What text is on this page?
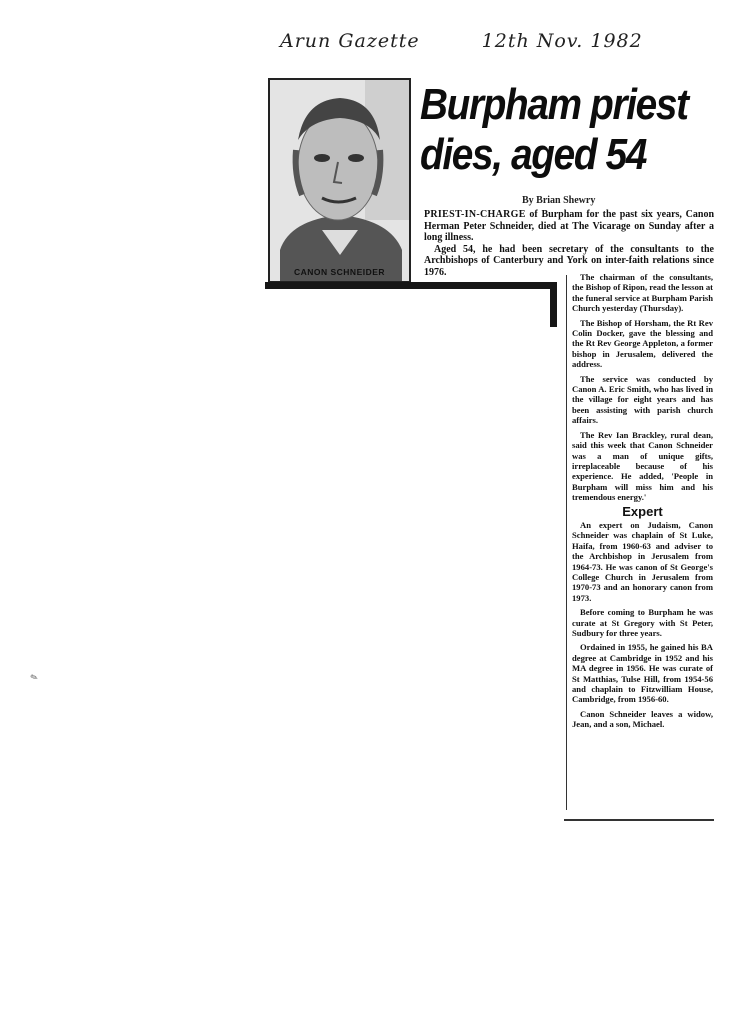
Arun Gazette	12th Nov. 1982
CANON SCHNEIDER
Burpham priest dies, aged 54
By Brian Shewry

PRIEST-IN-CHARGE of Burpham for the past six years, Canon Herman Peter Schneider, died at The Vicarage on Sunday after a long illness.

Aged 54, he had been secretary of the consultants to the Archbishops of Canterbury and York on inter-faith relations since 1976.	The chairman of the consultants, the Bishop of Ripon, read the lesson at the funeral service at Burpham Parish Church yesterday (Thursday).

The Bishop of Horsham, the Rt Rev Colin Docker, gave the blessing and the Rt Rev George Appleton, a former bishop in Jerusalem, delivered the address.

The service was conducted by Canon A. Eric Smith, who has lived in the village for eight years and has been assisting with parish church affairs.

The Rev Ian Brackley, rural dean, said this week that Canon Schneider was a man of unique gifts, irreplaceable because of his experience. He added, 'People in Burpham will miss him and his tremendous energy.'

Expert

An expert on Judaism, Canon Schneider was chaplain of St Luke, Haifa, from 1960-63 and adviser to the Archbishop in Jerusalem from 1964-73. He was canon of St George's College Church in Jerusalem from 1970-73 and an honorary canon from 1973.

Before coming to Burpham he was curate at St Gregory with St Peter, Sudbury for three years.

Ordained in 1955, he gained his BA degree at Cambridge in 1952 and his MA degree in 1956. He was curate of St Matthias, Tulse Hill, from 1954-56 and chaplain to Fitzwilliam House, Cambridge, from 1956-60.

Canon Schneider leaves a widow, Jean, and a son, Michael.

✎
